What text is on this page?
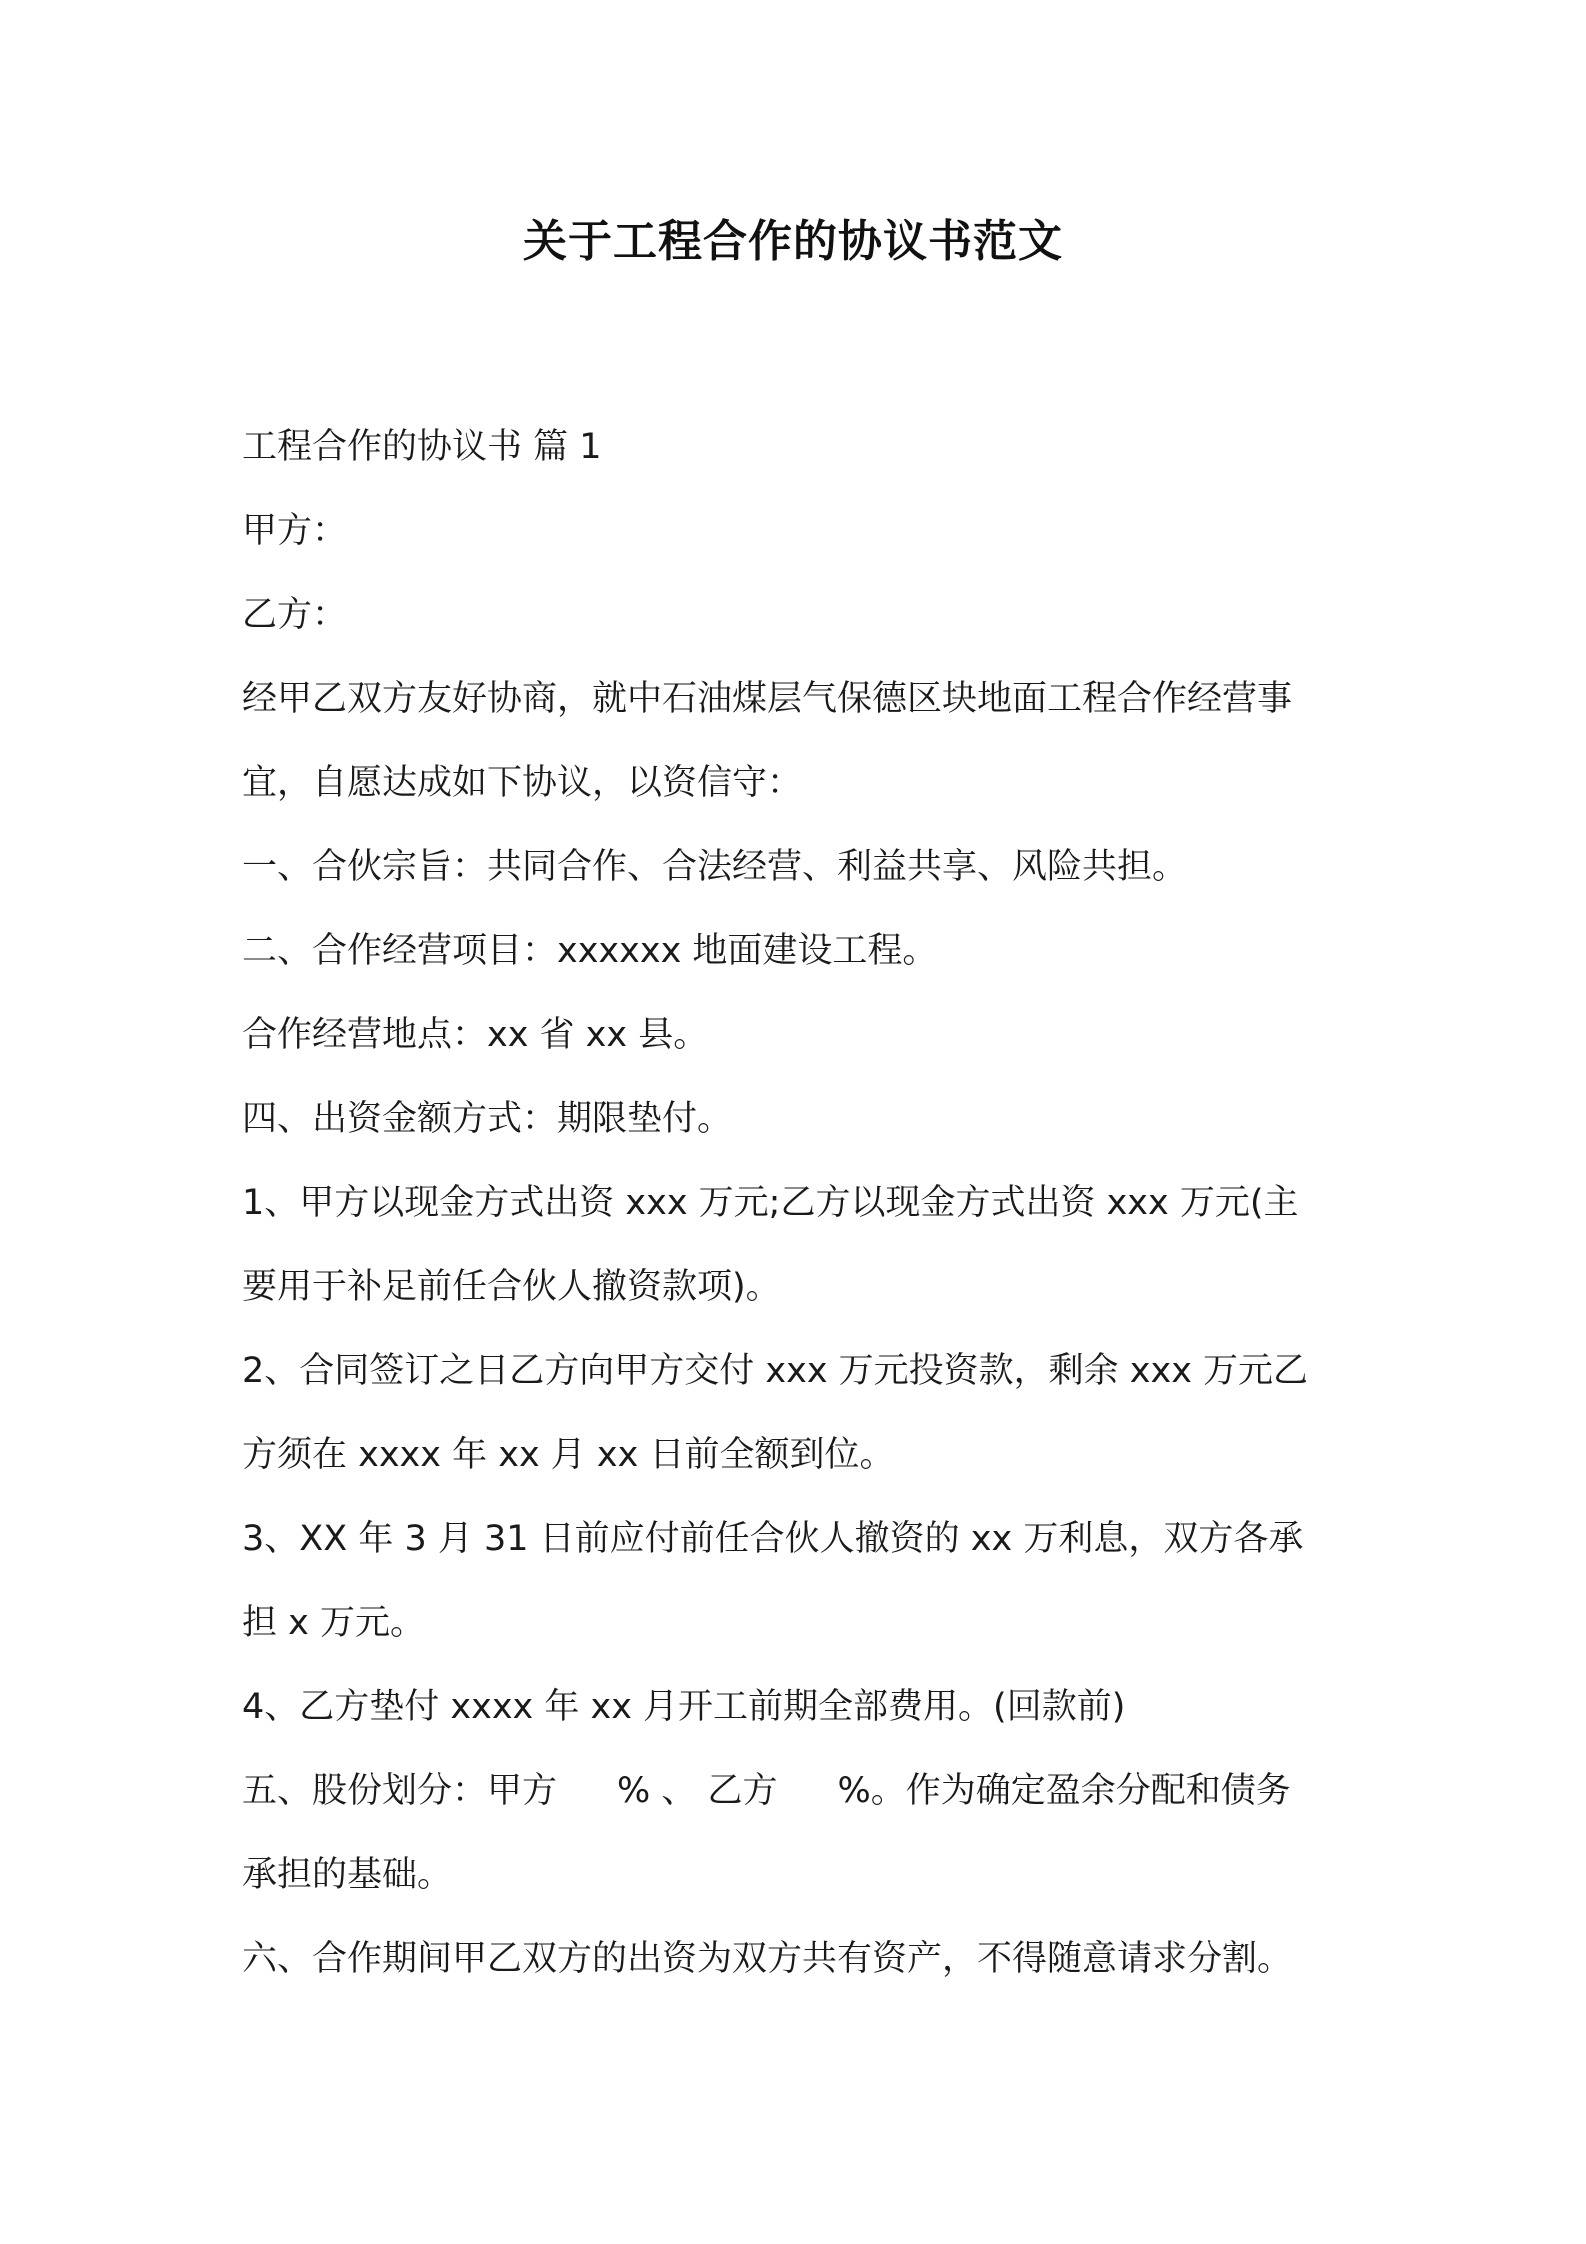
关于工程合作的协议书范文
工程合作的协议书 篇 1
甲方：
乙方：
经甲乙双方友好协商，就中石油煤层气保德区块地面工程合作经营事
宜，自愿达成如下协议，以资信守：
一、合伙宗旨：共同合作、合法经营、利益共享、风险共担。
二、合作经营项目：xxxxxx 地面建设工程。
合作经营地点：xx 省 xx 县。
四、出资金额方式：期限垫付。
1、甲方以现金方式出资 xxx 万元;乙方以现金方式出资 xxx 万元(主
要用于补足前任合伙人撤资款项)。
2、合同签订之日乙方向甲方交付 xxx 万元投资款，剩余 xxx 万元乙
方须在 xxxx 年 xx 月 xx 日前全额到位。
3、XX 年 3 月 31 日前应付前任合伙人撤资的 xx 万利息，双方各承
担 x 万元。
4、乙方垫付 xxxx 年 xx 月开工前期全部费用。(回款前)
五、股份划分：甲方 % 、 乙方 %。作为确定盈余分配和债务
承担的基础。
六、合作期间甲乙双方的出资为双方共有资产，不得随意请求分割。
